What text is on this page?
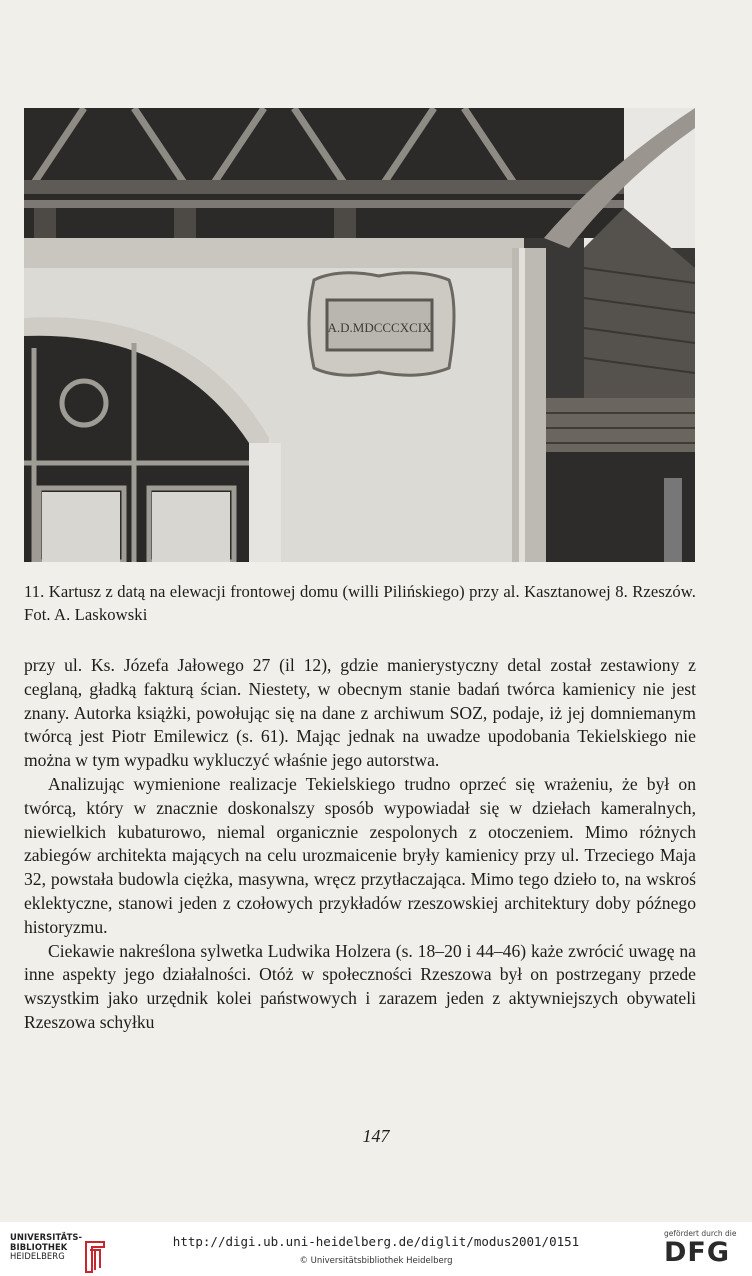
A.D.MDCCCXCIX
11. Kartusz z datą na elewacji frontowej domu (willi Pilińskiego) przy al. Kasztanowej 8. Rzeszów. Fot. A. Laskowski

przy ul. Ks. Józefa Jałowego 27 (il 12), gdzie manierystyczny detal został zestawiony z ceglaną, gładką fakturą ścian. Niestety, w obecnym stanie badań twórca kamienicy nie jest znany. Autorka książki, powołując się na dane z archiwum SOZ, podaje, iż jej domniemanym twórcą jest Piotr Emilewicz (s. 61). Mając jednak na uwadze upodobania Tekielskiego nie można w tym wypadku wykluczyć właśnie jego autorstwa.

Analizując wymienione realizacje Tekielskiego trudno oprzeć się wrażeniu, że był on twórcą, który w znacznie doskonalszy sposób wypowiadał się w dziełach kameralnych, niewielkich kubaturowo, niemal organicznie zespolonych z otoczeniem. Mimo różnych zabiegów architekta mających na celu urozmaicenie bryły kamienicy przy ul. Trzeciego Maja 32, powstała budowla ciężka, masywna, wręcz przytłaczająca. Mimo tego dzieło to, na wskroś eklektyczne, stanowi jeden z czołowych przykładów rzeszowskiej architektury doby późnego historyzmu.

Ciekawie nakreślona sylwetka Ludwika Holzera (s. 18–20 i 44–46) każe zwrócić uwagę na inne aspekty jego działalności. Otóż w społeczności Rzeszowa był on postrzegany przede wszystkim jako urzędnik kolei państwowych i zarazem jeden z aktywniejszych obywateli Rzeszowa schyłku

147
UNIVERSITÄTS-
BIBLIOTHEK
HEIDELBERG
http://digi.ub.uni-heidelberg.de/diglit/modus2001/0151
© Universitätsbibliothek Heidelberg
gefördert durch die
DFG
